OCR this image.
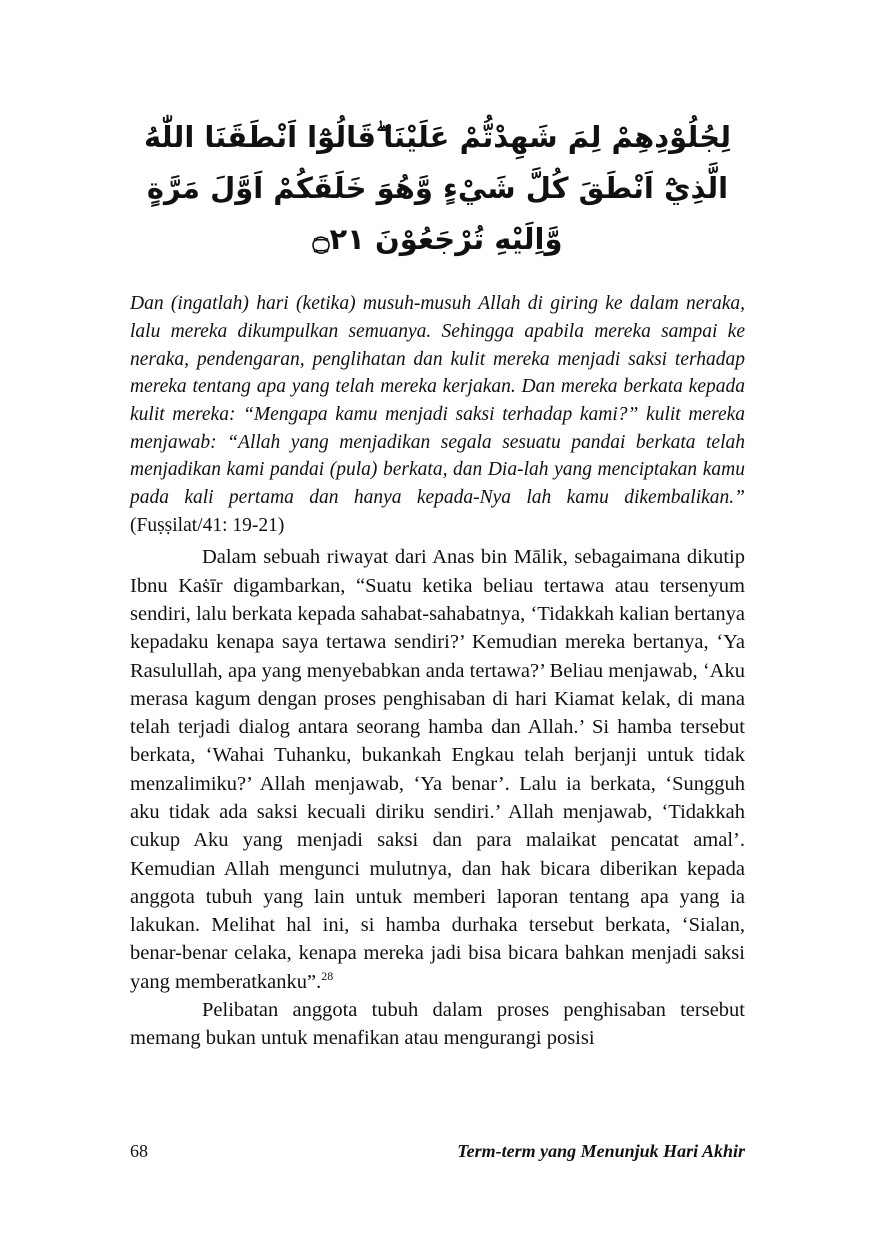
لِجُلُوْدِهِمْ لِمَ شَهِدْتُّمْ عَلَيْنَا ۖقَالُوْٓا اَنْطَقَنَا اللّٰهُ الَّذِيْٓ اَنْطَقَ كُلَّ شَيْءٍ وَّهُوَ خَلَقَكُمْ اَوَّلَ مَرَّةٍ وَّاِلَيْهِ تُرْجَعُوْنَ ۝٢١

Dan (ingatlah) hari (ketika) musuh-musuh Allah di giring ke dalam neraka, lalu mereka dikumpulkan semuanya. Sehingga apabila mereka sampai ke neraka, pendengaran, penglihatan dan kulit mereka menjadi saksi terhadap mereka tentang apa yang telah mereka kerjakan. Dan mereka berkata kepada kulit mereka: “Mengapa kamu menjadi saksi terhadap kami?” kulit mereka menjawab: “Allah yang menjadikan segala sesuatu pandai berkata telah menjadikan kami pandai (pula) berkata, dan Dia-lah yang menciptakan kamu pada kali pertama dan hanya kepada-Nya lah kamu dikembalikan.” (Fuṣṣilat/41: 19-21)

Dalam sebuah riwayat dari Anas bin Mālik, sebagaimana dikutip Ibnu Kaṡīr digambarkan, “Suatu ketika beliau tertawa atau tersenyum sendiri, lalu berkata kepada sahabat-sahabatnya, ‘Tidakkah kalian bertanya kepadaku kenapa saya tertawa sendiri?’ Kemudian mereka bertanya, ‘Ya Rasulullah, apa yang menyebabkan anda tertawa?’ Beliau menjawab, ‘Aku merasa kagum dengan proses penghisaban di hari Kiamat kelak, di mana telah terjadi dialog antara seorang hamba dan Allah.’ Si hamba tersebut berkata, ‘Wahai Tuhanku, bukankah Engkau telah berjanji untuk tidak menzalimiku?’ Allah menjawab, ‘Ya benar’. Lalu ia berkata, ‘Sungguh aku tidak ada saksi kecuali diriku sendiri.’ Allah menjawab, ‘Tidakkah cukup Aku yang menjadi saksi dan para malaikat pencatat amal’. Kemudian Allah mengunci mulutnya, dan hak bicara diberikan kepada anggota tubuh yang lain untuk memberi laporan tentang apa yang ia lakukan. Melihat hal ini, si hamba durhaka tersebut berkata, ‘Sialan, benar-benar celaka, kenapa mereka jadi bisa bicara bahkan menjadi saksi yang memberatkanku”.$^{28}$

Pelibatan anggota tubuh dalam proses penghisaban tersebut memang bukan untuk menafikan atau mengurangi posisi

68	Term-term yang Menunjuk Hari Akhir
